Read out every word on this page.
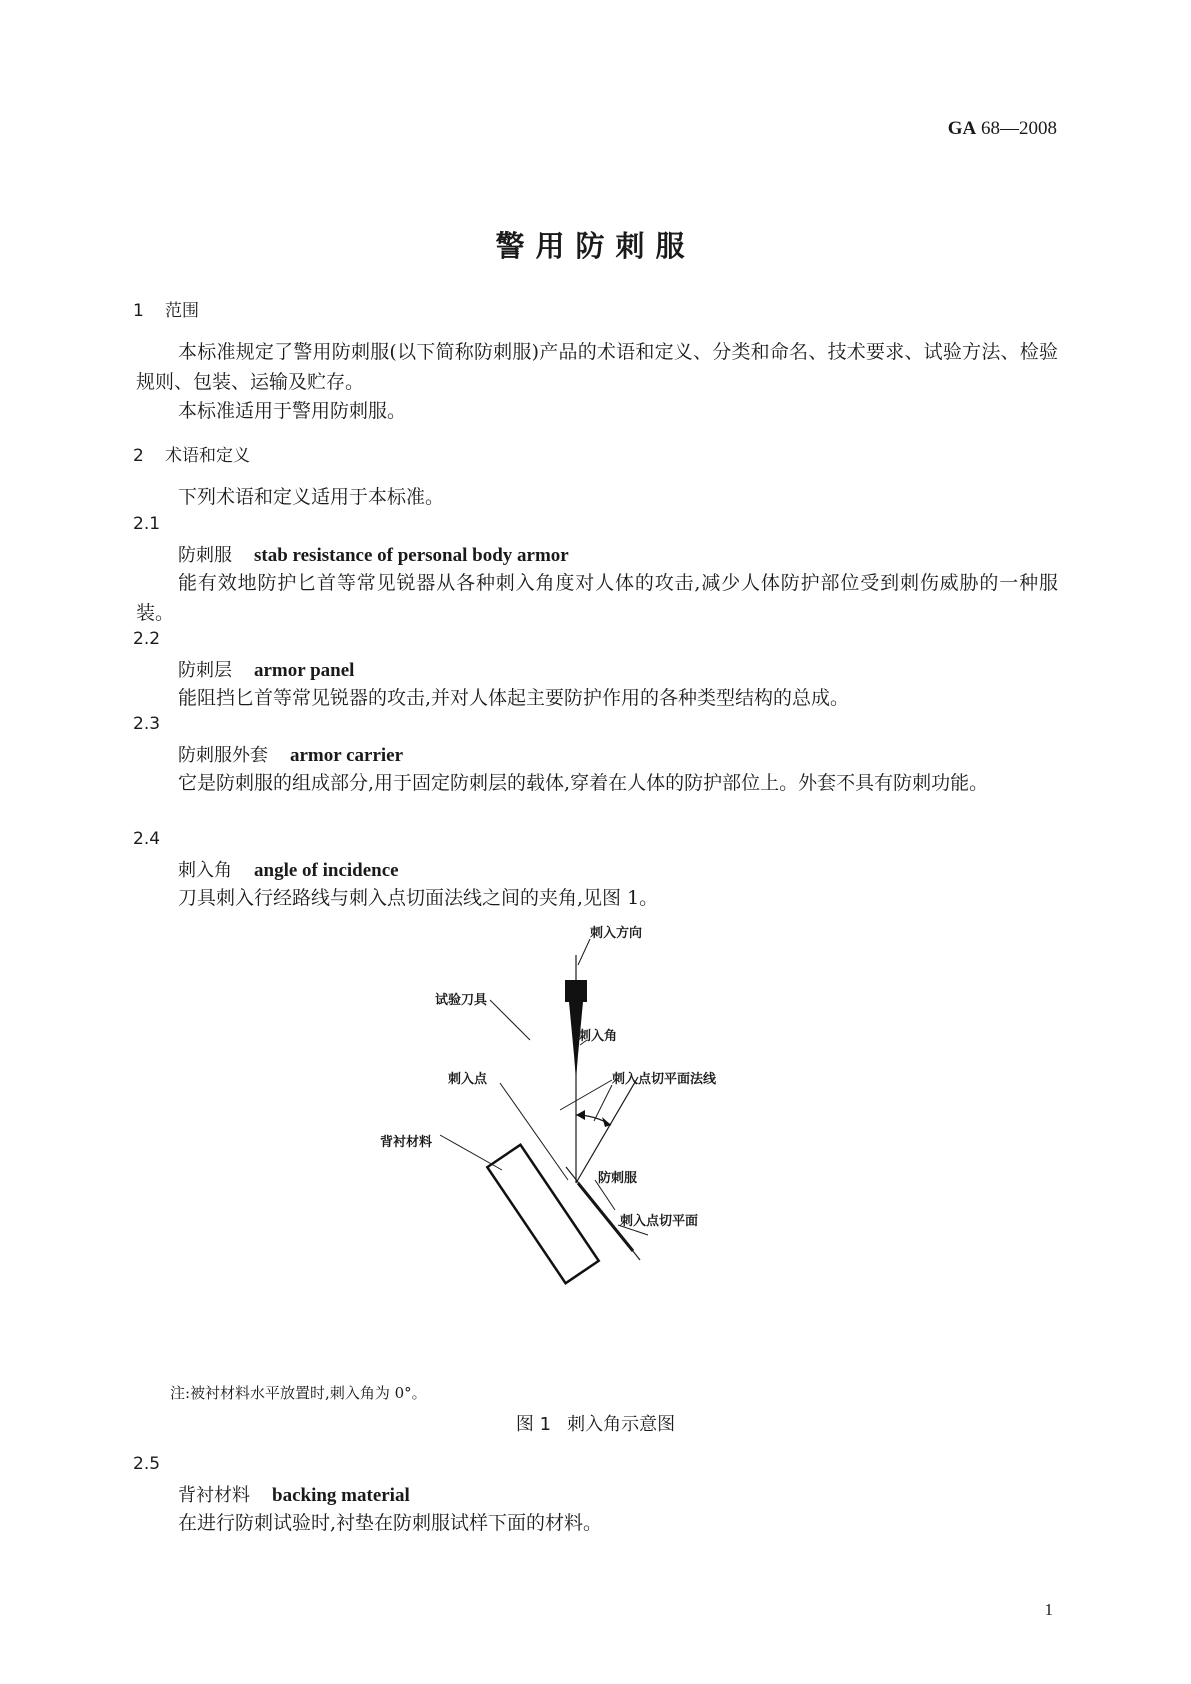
GA 68—2008
警用防刺服
1 范围
本标准规定了警用防刺服(以下简称防刺服)产品的术语和定义、分类和命名、技术要求、试验方法、检验规则、包装、运输及贮存。
本标准适用于警用防刺服。
2 术语和定义
下列术语和定义适用于本标准。
2.1
防刺服 stab resistance of personal body armor
能有效地防护匕首等常见锐器从各种刺入角度对人体的攻击,减少人体防护部位受到刺伤威胁的一种服装。
2.2
防刺层 armor panel
能阻挡匕首等常见锐器的攻击,并对人体起主要防护作用的各种类型结构的总成。
2.3
防刺服外套 armor carrier
它是防刺服的组成部分,用于固定防刺层的载体,穿着在人体的防护部位上。外套不具有防刺功能。
2.4
刺入角 angle of incidence
刀具刺入行经路线与刺入点切面法线之间的夹角,见图 1。
刺入方向
试验刀具
刺入角
刺入点	刺入点切平面法线
背衬材料
防刺服
刺入点切平面
注:被衬材料水平放置时,刺入角为 0°。
图 1 刺入角示意图
2.5
背衬材料 backing material
在进行防刺试验时,衬垫在防刺服试样下面的材料。
1
